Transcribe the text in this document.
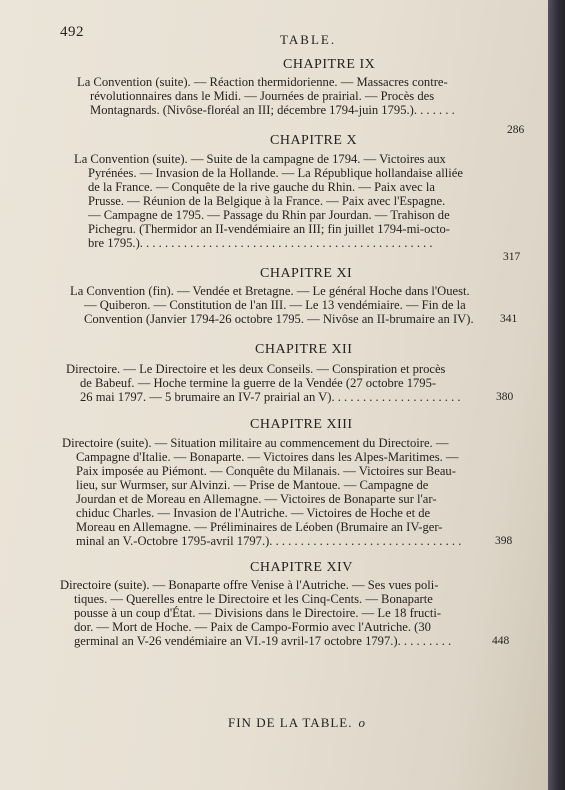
492	TABLE.
CHAPITRE IX
La Convention (suite). — Réaction thermidorienne. — Massacres contre-
révolutionnaires dans le Midi. — Journées de prairial. — Procès des
Montagnards. (Nivôse-floréal an III; décembre 1794-juin 1795.). . . . . . .
286
CHAPITRE X
La Convention (suite). — Suite de la campagne de 1794. — Victoires aux
Pyrénées. — Invasion de la Hollande. — La République hollandaise alliée
de la France. — Conquête de la rive gauche du Rhin. — Paix avec la
Prusse. — Réunion de la Belgique à la France. — Paix avec l'Espagne.
— Campagne de 1795. — Passage du Rhin par Jourdan. — Trahison de
Pichegru. (Thermidor an II-vendémiaire an III; fin juillet 1794-mi-octo-
bre 1795.). . . . . . . . . . . . . . . . . . . . . . . . . . . . . . . . . . . . . . . . . . . . . . .
317
CHAPITRE XI
La Convention (fin). — Vendée et Bretagne. — Le général Hoche dans l'Ouest.
— Quiberon. — Constitution de l'an III. — Le 13 vendémiaire. — Fin de la
Convention (Janvier 1794-26 octobre 1795. — Nivôse an II-brumaire an IV). 341
CHAPITRE XII
Directoire. — Le Directoire et les deux Conseils. — Conspiration et procès
de Babeuf. — Hoche termine la guerre de la Vendée (27 octobre 1795-
26 mai 1797. — 5 brumaire an IV-7 prairial an V). . . . . . . . . . . . . . . . . . . . .	380
CHAPITRE XIII
Directoire (suite). — Situation militaire au commencement du Directoire. —
Campagne d'Italie. — Bonaparte. — Victoires dans les Alpes-Maritimes. —
Paix imposée au Piémont. — Conquête du Milanais. — Victoires sur Beau-
lieu, sur Wurmser, sur Alvinzi. — Prise de Mantoue. — Campagne de
Jourdan et de Moreau en Allemagne. — Victoires de Bonaparte sur l'ar-
chiduc Charles. — Invasion de l'Autriche. — Victoires de Hoche et de
Moreau en Allemagne. — Préliminaires de Léoben (Brumaire an IV-ger-
minal an V.-Octobre 1795-avril 1797.). . . . . . . . . . . . . . . . . . . . . . . . . . . . . . .	398
CHAPITRE XIV
Directoire (suite). — Bonaparte offre Venise à l'Autriche. — Ses vues poli-
tiques. — Querelles entre le Directoire et les Cinq-Cents. — Bonaparte
pousse à un coup d'État. — Divisions dans le Directoire. — Le 18 fructi-
dor. — Mort de Hoche. — Paix de Campo-Formio avec l'Autriche. (30
germinal an V-26 vendémiaire an VI.-19 avril-17 octobre 1797.). . . . . . . . .	448
FIN DE LA TABLE. o
